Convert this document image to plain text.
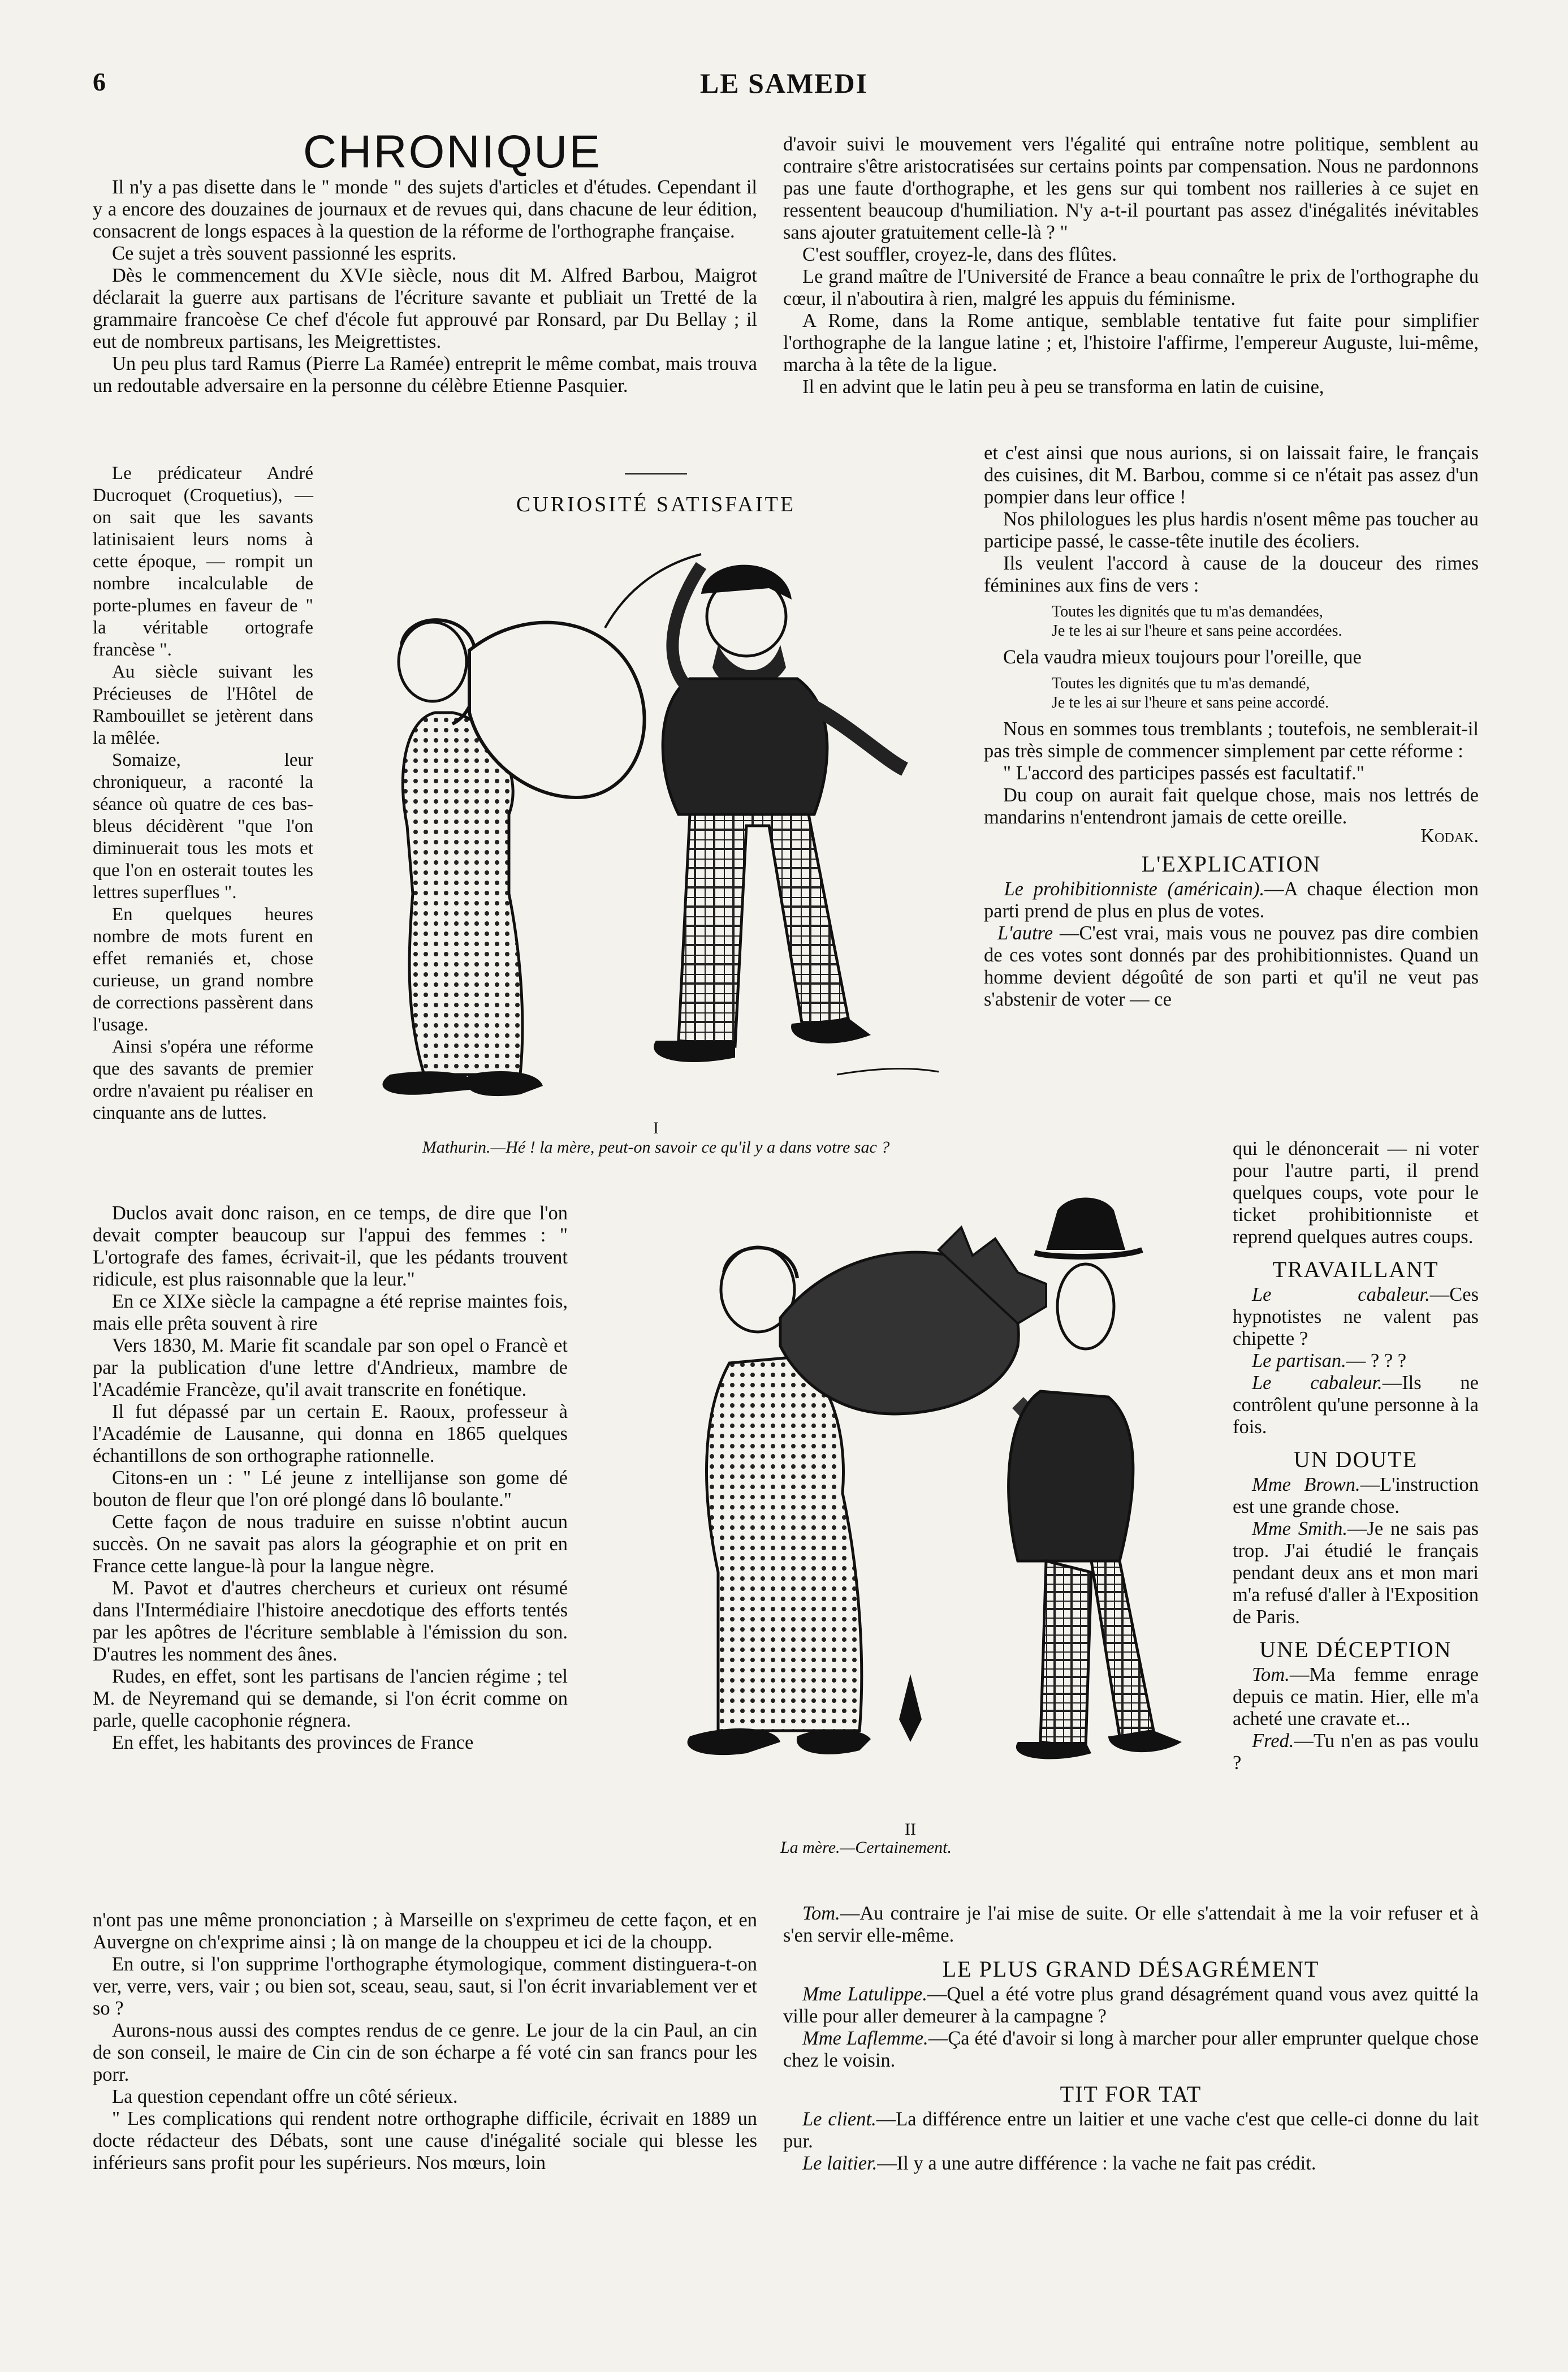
6	LE SAMEDI
CHRONIQUE

Il n'y a pas disette dans le " monde " des sujets d'articles et d'études. Cependant il y a encore des douzaines de journaux et de revues qui, dans chacune de leur édition, consacrent de longs espaces à la question de la réforme de l'orthographe française.

Ce sujet a très souvent passionné les esprits.

Dès le commencement du XVIe siècle, nous dit M. Alfred Barbou, Maigrot déclarait la guerre aux partisans de l'écriture savante et publiait un Tretté de la grammaire francoèse Ce chef d'école fut approuvé par Ronsard, par Du Bellay ; il eut de nombreux partisans, les Meigrettistes.

Un peu plus tard Ramus (Pierre La Ramée) entreprit le même combat, mais trouva un redoutable adversaire en la personne du célèbre Etienne Pasquier.

Le prédicateur André Ducroquet (Croquetius), —on sait que les savants latinisaient leurs noms à cette époque, — rompit un nombre incalculable de porte-plumes en faveur de " la véritable ortografe francèse ".

Au siècle suivant les Précieuses de l'Hôtel de Rambouillet se jetèrent dans la mêlée.

Somaize, leur chroniqueur, a raconté la séance où quatre de ces bas-bleus décidèrent "que l'on diminuerait tous les mots et que l'on en osterait toutes les lettres superflues ".

En quelques heures nombre de mots furent en effet remaniés et, chose curieuse, un grand nombre de corrections passèrent dans l'usage.

Ainsi s'opéra une réforme que des savants de premier ordre n'avaient pu réaliser en cinquante ans de luttes.

Duclos avait donc raison, en ce temps, de dire que l'on devait compter beaucoup sur l'appui des femmes : " L'ortografe des fames, écrivait-il, que les pédants trouvent ridicule, est plus raisonnable que la leur."

En ce XIXe siècle la campagne a été reprise maintes fois, mais elle prêta souvent à rire

Vers 1830, M. Marie fit scandale par son opel o Francè et par la publication d'une lettre d'Andrieux, mambre de l'Académie Francèze, qu'il avait transcrite en fonétique.

Il fut dépassé par un certain E. Raoux, professeur à l'Académie de Lausanne, qui donna en 1865 quelques échantillons de son orthographe rationnelle.

Citons-en un : " Lé jeune z intellijanse son gome dé bouton de fleur que l'on oré plongé dans lô boulante."

Cette façon de nous traduire en suisse n'obtint aucun succès. On ne savait pas alors la géographie et on prit en France cette langue-là pour la langue nègre.

M. Pavot et d'autres chercheurs et curieux ont résumé dans l'Intermédiaire l'histoire anecdotique des efforts tentés par les apôtres de l'écriture semblable à l'émission du son. D'autres les nomment des ânes.

Rudes, en effet, sont les partisans de l'ancien régime ; tel M. de Neyremand qui se demande, si l'on écrit comme on parle, quelle cacophonie régnera.

En effet, les habitants des provinces de France

n'ont pas une même prononciation ; à Marseille on s'exprimeu de cette façon, et en Auvergne on ch'exprime ainsi ; là on mange de la chouppeu et ici de la choupp.

En outre, si l'on supprime l'orthographe étymologique, comment distinguera-t-on ver, verre, vers, vair ; ou bien sot, sceau, seau, saut, si l'on écrit invariablement ver et so ?

Aurons-nous aussi des comptes rendus de ce genre. Le jour de la cin Paul, an cin de son conseil, le maire de Cin cin de son écharpe a fé voté cin san francs pour les porr.

La question cependant offre un côté sérieux.

" Les complications qui rendent notre orthographe difficile, écrivait en 1889 un docte rédacteur des Débats, sont une cause d'inégalité sociale qui blesse les inférieurs sans profit pour les supérieurs. Nos mœurs, loin

CURIOSITÉ SATISFAITE
I
Mathurin.—Hé ! la mère, peut-on savoir ce qu'il y a dans votre sac ?
II
La mère.—Certainement.

d'avoir suivi le mouvement vers l'égalité qui entraîne notre politique, semblent au contraire s'être aristocratisées sur certains points par compensation. Nous ne pardonnons pas une faute d'orthographe, et les gens sur qui tombent nos railleries à ce sujet en ressentent beaucoup d'humiliation. N'y a-t-il pourtant pas assez d'inégalités inévitables sans ajouter gratuitement celle-là ? "

C'est souffler, croyez-le, dans des flûtes.

Le grand maître de l'Université de France a beau connaître le prix de l'orthographe du cœur, il n'aboutira à rien, malgré les appuis du féminisme.

A Rome, dans la Rome antique, semblable tentative fut faite pour simplifier l'orthographe de la langue latine ; et, l'histoire l'affirme, l'empereur Auguste, lui-même, marcha à la tête de la ligue.

Il en advint que le latin peu à peu se transforma en latin de cuisine,

et c'est ainsi que nous aurions, si on laissait faire, le français des cuisines, dit M. Barbou, comme si ce n'était pas assez d'un pompier dans leur office !

Nos philologues les plus hardis n'osent même pas toucher au participe passé, le casse-tête inutile des écoliers.

Ils veulent l'accord à cause de la douceur des rimes féminines aux fins de vers :

Toutes les dignités que tu m'as demandées,
Je te les ai sur l'heure et sans peine accordées.

Cela vaudra mieux toujours pour l'oreille, que

Toutes les dignités que tu m'as demandé,
Je te les ai sur l'heure et sans peine accordé.

Nous en sommes tous tremblants ; toutefois, ne semblerait-il pas très simple de commencer simplement par cette réforme :

" L'accord des participes passés est facultatif."

Du coup on aurait fait quelque chose, mais nos lettrés de mandarins n'entendront jamais de cette oreille.

Kodak.
L'EXPLICATION

Le prohibitionniste (américain).—A chaque élection mon parti prend de plus en plus de votes.

L'autre —C'est vrai, mais vous ne pouvez pas dire combien de ces votes sont donnés par des prohibitionnistes. Quand un homme devient dégoûté de son parti et qu'il ne veut pas s'abstenir de voter — ce

qui le dénoncerait — ni voter pour l'autre parti, il prend quelques coups, vote pour le ticket prohibitionniste et reprend quelques autres coups.

TRAVAILLANT

Le cabaleur.—Ces hypnotistes ne valent pas chipette ?

Le partisan.— ? ? ?

Le cabaleur.—Ils ne contrôlent qu'une personne à la fois.

UN DOUTE

Mme Brown.—L'instruction est une grande chose.

Mme Smith.—Je ne sais pas trop. J'ai étudié le français pendant deux ans et mon mari m'a refusé d'aller à l'Exposition de Paris.

UNE DÉCEPTION

Tom.—Ma femme enrage depuis ce matin. Hier, elle m'a acheté une cravate et...

Fred.—Tu n'en as pas voulu ?

Tom.—Au contraire je l'ai mise de suite. Or elle s'attendait à me la voir refuser et à s'en servir elle-même.

LE PLUS GRAND DÉSAGRÉMENT

Mme Latulippe.—Quel a été votre plus grand désagrément quand vous avez quitté la ville pour aller demeurer à la campagne ?

Mme Laflemme.—Ça été d'avoir si long à marcher pour aller emprunter quelque chose chez le voisin.

TIT FOR TAT

Le client.—La différence entre un laitier et une vache c'est que celle-ci donne du lait pur.

Le laitier.—Il y a une autre différence : la vache ne fait pas crédit.
